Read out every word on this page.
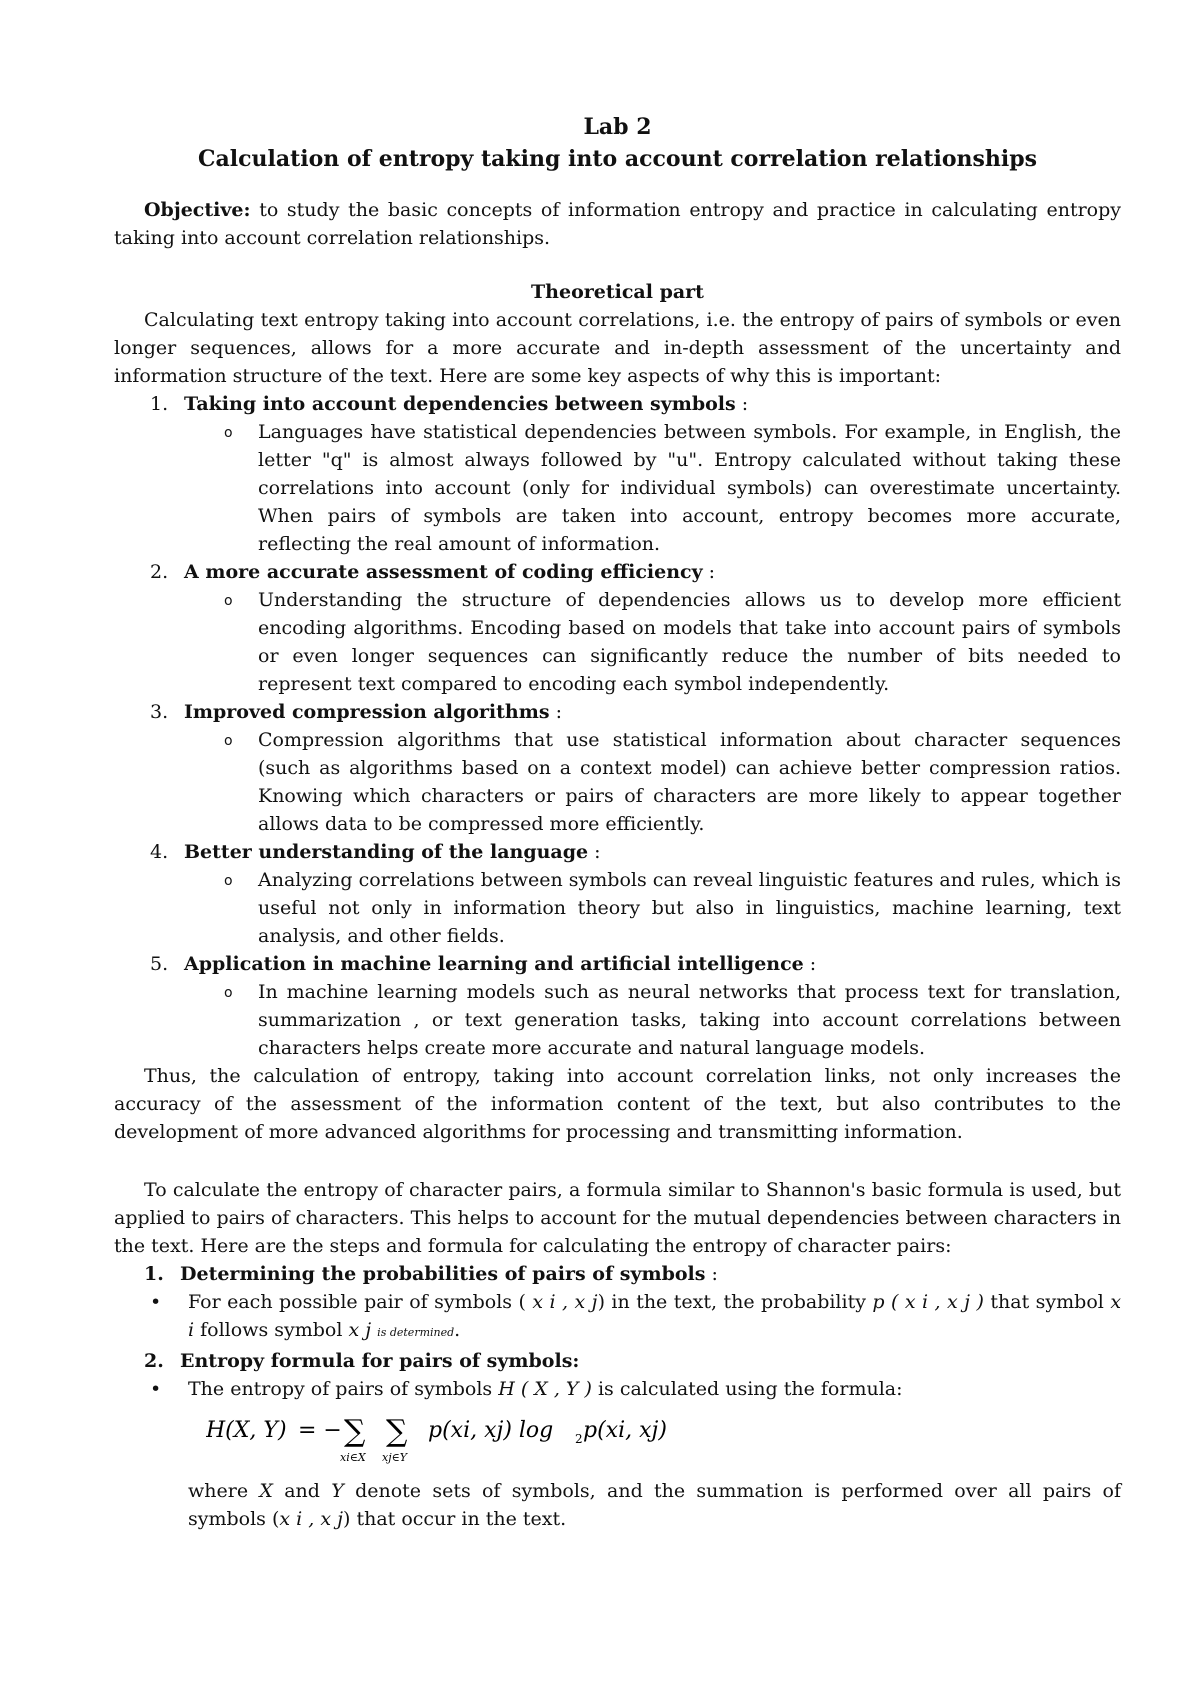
Lab 2
Calculation of entropy taking into account correlation relationships
Objective: to study the basic concepts of information entropy and practice in calculating entropy taking into account correlation relationships.
Theoretical part
Calculating text entropy taking into account correlations, i.e. the entropy of pairs of symbols or even longer sequences, allows for a more accurate and in-depth assessment of the uncertainty and information structure of the text. Here are some key aspects of why this is important:
1. Taking into account dependencies between symbols :
o Languages have statistical dependencies between symbols. For example, in English, the letter "q" is almost always followed by "u". Entropy calculated without taking these correlations into account (only for individual symbols) can overestimate uncertainty. When pairs of symbols are taken into account, entropy becomes more accurate, reflecting the real amount of information.
2. A more accurate assessment of coding efficiency :
o Understanding the structure of dependencies allows us to develop more efficient encoding algorithms. Encoding based on models that take into account pairs of symbols or even longer sequences can significantly reduce the number of bits needed to represent text compared to encoding each symbol independently.
3. Improved compression algorithms :
o Compression algorithms that use statistical information about character sequences (such as algorithms based on a context model) can achieve better compression ratios. Knowing which characters or pairs of characters are more likely to appear together allows data to be compressed more efficiently.
4. Better understanding of the language :
o Analyzing correlations between symbols can reveal linguistic features and rules, which is useful not only in information theory but also in linguistics, machine learning, text analysis, and other fields.
5. Application in machine learning and artificial intelligence :
o In machine learning models such as neural networks that process text for translation, summarization , or text generation tasks, taking into account correlations between characters helps create more accurate and natural language models.
Thus, the calculation of entropy, taking into account correlation links, not only increases the accuracy of the assessment of the information content of the text, but also contributes to the development of more advanced algorithms for processing and transmitting information.
To calculate the entropy of character pairs, a formula similar to Shannon's basic formula is used, but applied to pairs of characters. This helps to account for the mutual dependencies between characters in the text. Here are the steps and formula for calculating the entropy of character pairs:
1. Determining the probabilities of pairs of symbols :
• For each possible pair of symbols ( x i , x j) in the text, the probability p ( x i , x j ) that symbol x i follows symbol x j is determined.
2. Entropy formula for pairs of symbols:
• The entropy of pairs of symbols H ( X , Y ) is calculated using the formula:
H(X, Y) = − ∑ ∑
xi∈X xj∈Y
p(xi, xj) log 2 p(xi, xj)
where X and Y denote sets of symbols, and the summation is performed over all pairs of symbols (x i , x j) that occur in the text.
